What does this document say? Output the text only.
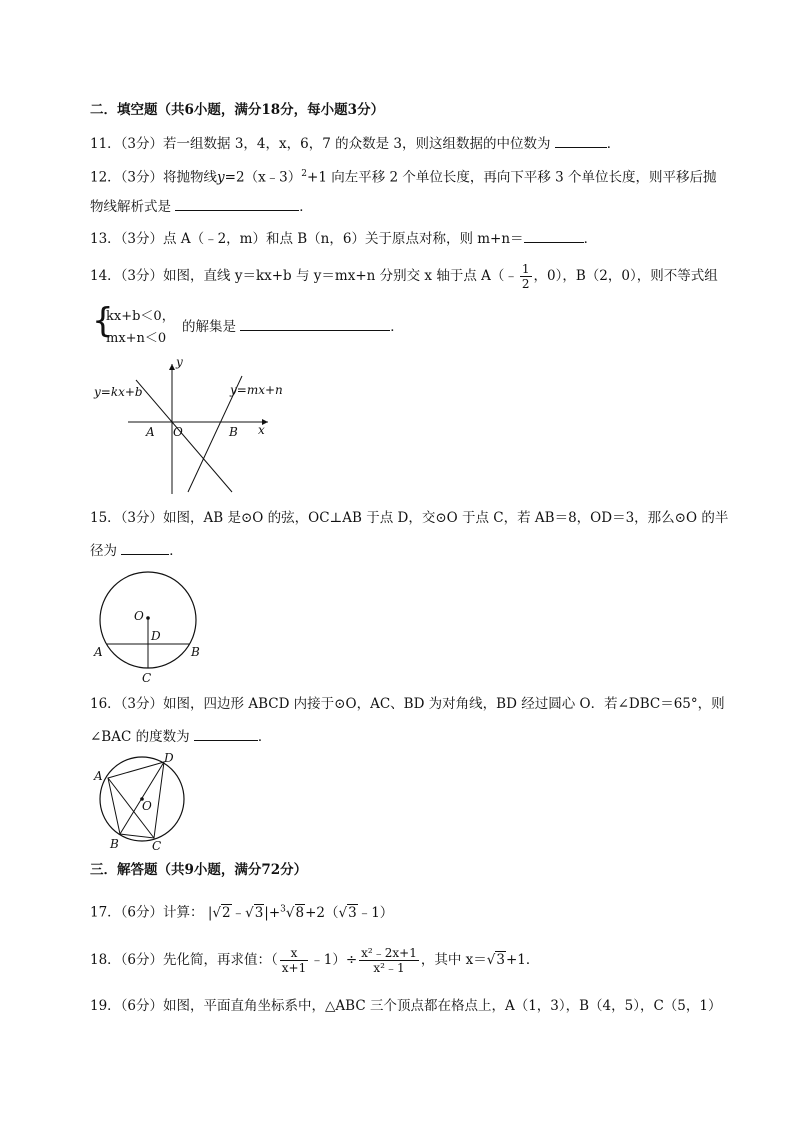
二．填空题（共6小题，满分18分，每小题3分）
11．（3分）若一组数据 3，4，x，6，7 的众数是 3，则这组数据的中位数为	．
12．（3分）将抛物线y=2（x﹣3）$^2$+1 向左平移 2 个单位长度，再向下平移 3 个单位长度，则平移后抛
物线解析式是	．
13．（3分）点 A（﹣2，m）和点 B（n，6）关于原点对称，则 m+n＝	．
14．（3分）如图，直线 y＝kx+b 与 y＝mx+n 分别交 x 轴于点 A（﹣ $\frac{1}{2}$ ，0），B（2，0），则不等式组
{
kx+b＜0，
mx+n＜0
的解集是	．
y
x
O
A	B
y=kx+b	y=mx+n
15．（3分）如图，AB 是⊙O 的弦，OC⊥AB 于点 D，交⊙O 于点 C，若 AB＝8，OD＝3，那么⊙O 的半
径为	．
O
D
A	B
C
16．（3分）如图，四边形 ABCD 内接于⊙O，AC、BD 为对角线，BD 经过圆心 O．若∠DBC＝65°，则
∠BAC 的度数为	．
A
D
O
B	C
三．解答题（共9小题，满分72分）
17．（6分）计算： |√2﹣√3|+$^3$√8+2（√3﹣1）
18．（6分）先化简，再求值：（ $\frac{x}{x+1}$ ﹣1）÷ $\frac{\text{x²﹣2x+1}}{\text{x²﹣1}}$ ，其中 x＝√3+1．
19．（6分）如图，平面直角坐标系中，△ABC 三个顶点都在格点上，A（1，3），B（4，5），C（5，1）
